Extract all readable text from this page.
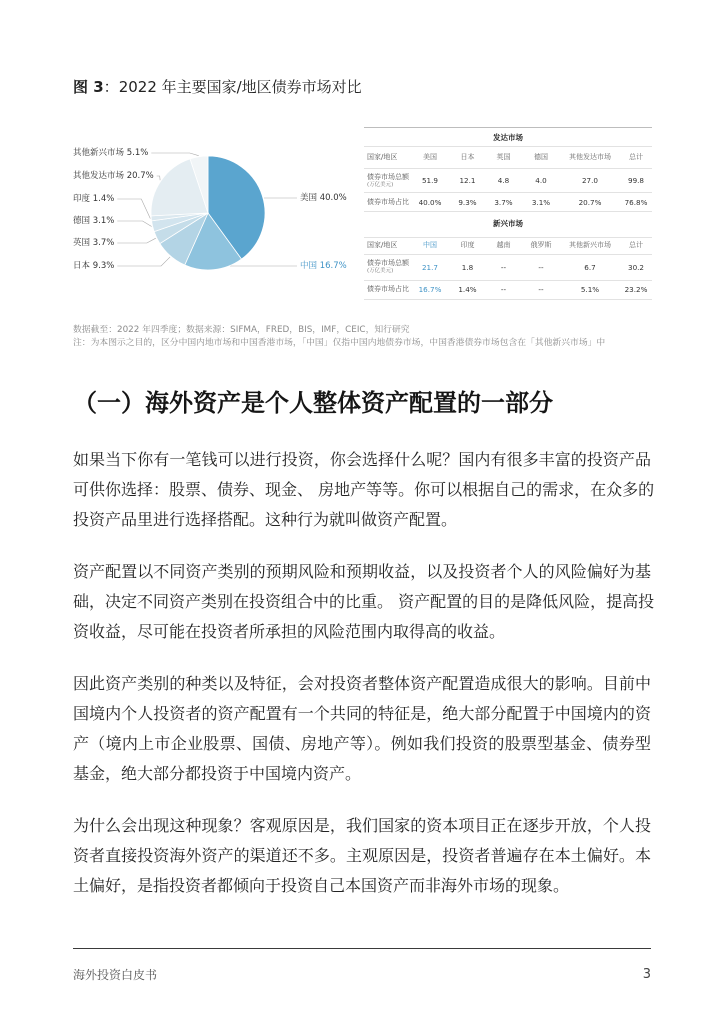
图 3：2022 年主要国家/地区债券市场对比
美国 40.0%
中国 16.7%
日本 9.3%
英国 3.7%
德国 3.1%
印度 1.4%
其他发达市场 20.7%
其他新兴市场 5.1%
发达市场						
国家/地区	美国	日本	英国	德国	其他发达市场	总计

债券市场总额
(万亿美元)	51.9	12.1	4.8	4.0	27.0	99.8
债券市场占比	40.0%	9.3%	3.7%	3.1%	20.7%	76.8%
新兴市场						
国家/地区	中国	印度	越南	俄罗斯	其他新兴市场	总计

债券市场总额
(万亿美元)	21.7	1.8	--	--	6.7	30.2
债券市场占比	16.7%	1.4%	--	--	5.1%	23.2%
数据截至：2022 年四季度；数据来源：SIFMA，FRED，BIS，IMF，CEIC，知行研究
注：为本图示之目的，区分中国内地市场和中国香港市场，「中国」仅指中国内地债券市场，中国香港债券市场包含在「其他新兴市场」中
（一）海外资产是个人整体资产配置的一部分

如果当下你有一笔钱可以进行投资，你会选择什么呢？国内有很多丰富的投资产品
可供你选择：股票、债券、现金、 房地产等等。你可以根据自己的需求，在众多的
投资产品里进行选择搭配。这种行为就叫做资产配置。

资产配置以不同资产类别的预期风险和预期收益，以及投资者个人的风险偏好为基
础，决定不同资产类别在投资组合中的比重。 资产配置的目的是降低风险，提高投
资收益，尽可能在投资者所承担的风险范围内取得高的收益。

因此资产类别的种类以及特征，会对投资者整体资产配置造成很大的影响。目前中
国境内个人投资者的资产配置有一个共同的特征是，绝大部分配置于中国境内的资
产（境内上市企业股票、国债、房地产等）。例如我们投资的股票型基金、债券型
基金，绝大部分都投资于中国境内资产。

为什么会出现这种现象？客观原因是，我们国家的资本项目正在逐步开放，个人投
资者直接投资海外资产的渠道还不多。主观原因是，投资者普遍存在本土偏好。本
土偏好，是指投资者都倾向于投资自己本国资产而非海外市场的现象。

海外投资白皮书	3
